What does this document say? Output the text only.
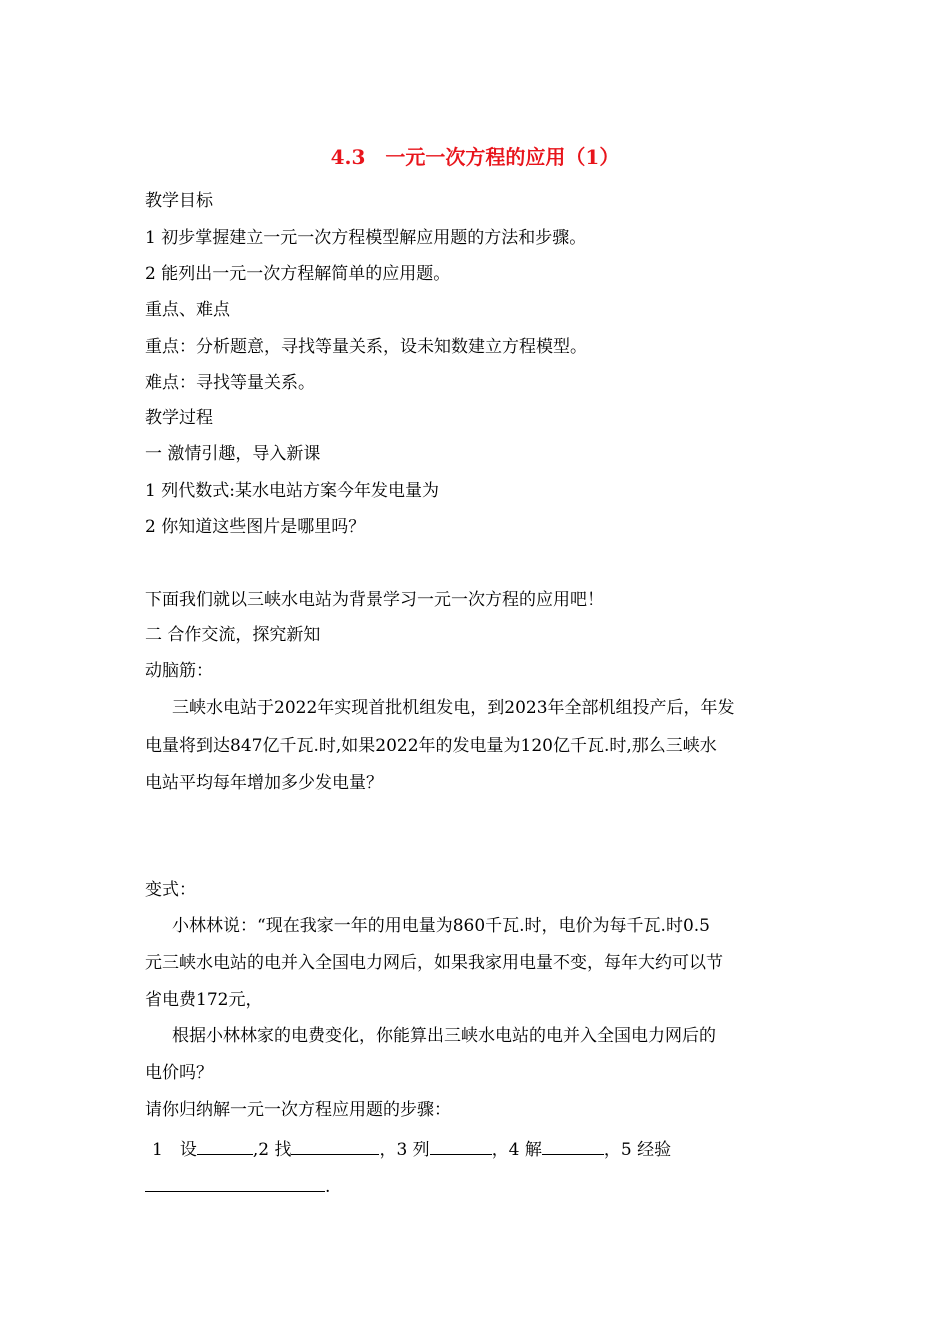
4.3　一元一次方程的应用（1）
教学目标
1 初步掌握建立一元一次方程模型解应用题的方法和步骤。
2 能列出一元一次方程解简单的应用题。
重点、难点
重点：分析题意，寻找等量关系，设未知数建立方程模型。
难点：寻找等量关系。
教学过程
一 激情引趣，导入新课
1 列代数式:某水电站方案今年发电量为
2 你知道这些图片是哪里吗？
下面我们就以三峡水电站为背景学习一元一次方程的应用吧！
二 合作交流，探究新知
动脑筋：
三峡水电站于2022年实现首批机组发电，到2023年全部机组投产后，年发
电量将到达847亿千瓦.时,如果2022年的发电量为120亿千瓦.时,那么三峡水
电站平均每年增加多少发电量？
变式：
小林林说：“现在我家一年的用电量为860千瓦.时，电价为每千瓦.时0.5
元三峡水电站的电并入全国电力网后，如果我家用电量不变，每年大约可以节
省电费172元，
根据小林林家的电费变化，你能算出三峡水电站的电并入全国电力网后的
电价吗？
请你归纳解一元一次方程应用题的步骤：
1　设	,2 找	，3 列	，4 解	，5 经验
.
